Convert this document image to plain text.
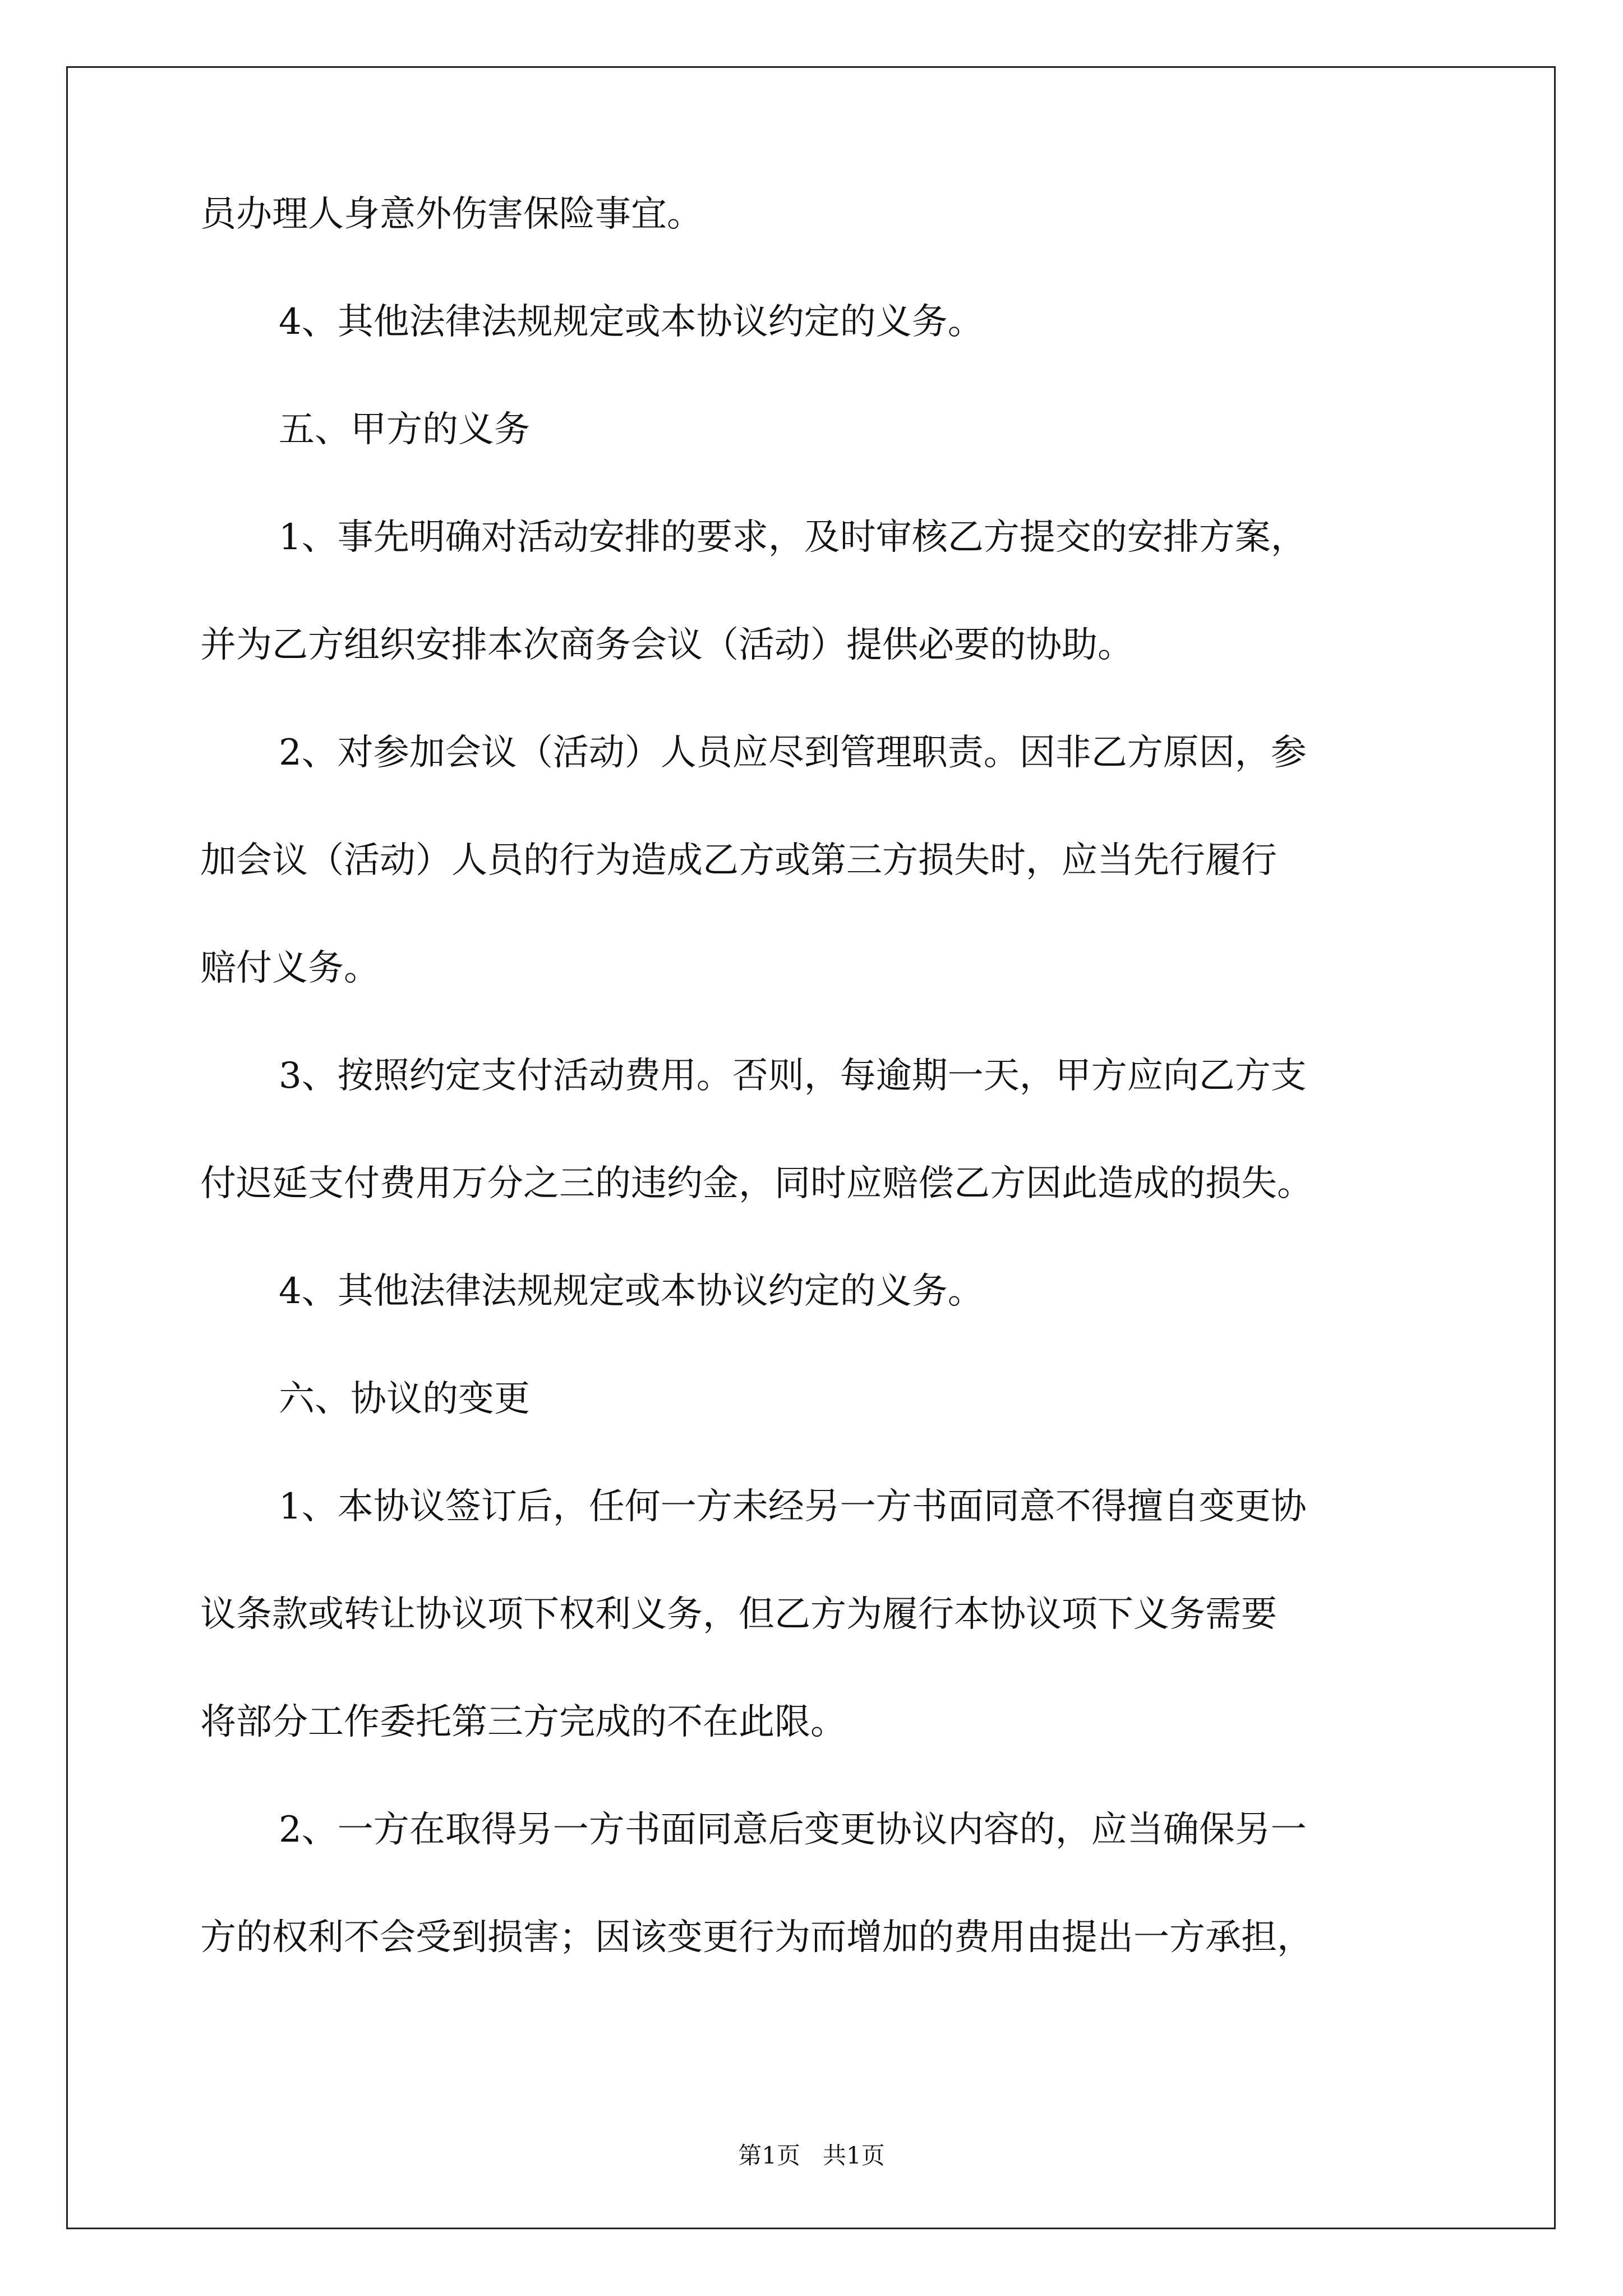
员办理人身意外伤害保险事宜。
4、其他法律法规规定或本协议约定的义务。
五、甲方的义务
1、事先明确对活动安排的要求，及时审核乙方提交的安排方案，
并为乙方组织安排本次商务会议（活动）提供必要的协助。
2、对参加会议（活动）人员应尽到管理职责。因非乙方原因，参
加会议（活动）人员的行为造成乙方或第三方损失时，应当先行履行
赔付义务。
3、按照约定支付活动费用。否则，每逾期一天，甲方应向乙方支
付迟延支付费用万分之三的违约金，同时应赔偿乙方因此造成的损失。
4、其他法律法规规定或本协议约定的义务。
六、协议的变更
1、本协议签订后，任何一方未经另一方书面同意不得擅自变更协
议条款或转让协议项下权利义务，但乙方为履行本协议项下义务需要
将部分工作委托第三方完成的不在此限。
2、一方在取得另一方书面同意后变更协议内容的，应当确保另一
方的权利不会受到损害；因该变更行为而增加的费用由提出一方承担，
第1页 共1页
